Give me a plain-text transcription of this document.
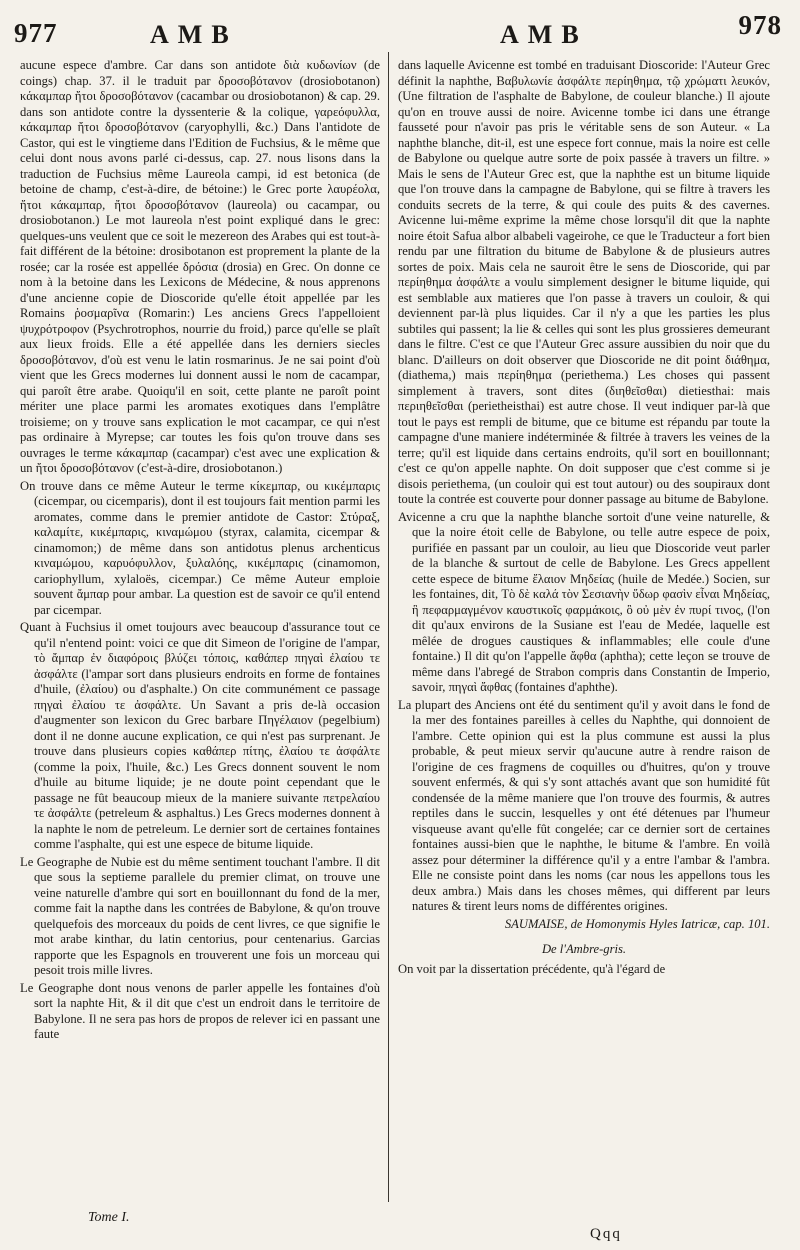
977	AMB	AMB	978

aucune espece d'ambre. Car dans son antidote διὰ κυδωνίων (de coings) chap. 37. il le traduit par δροσοβότανον (drosiobotanon) κάκαμπαρ ἤτοι δροσοβότανον (cacambar ou drosiobotanon) & cap. 29. dans son antidote contre la dyssenterie & la colique, γαρεόφυλλα, κάκαμπαρ ἤτοι δροσοβότανον (caryophylli, &c.) Dans l'antidote de Castor, qui est le vingtieme dans l'Edition de Fuchsius, & le même que celui dont nous avons parlé ci-dessus, cap. 27. nous lisons dans la traduction de Fuchsius même Laureola campi, id est betonica (de betoine de champ, c'est-à-dire, de bétoine:) le Grec porte λαυρέολα, ἤτοι κάκαμπαρ, ἤτοι δροσοβότανον (laureola) ou cacampar, ou drosiobotanon.) Le mot laureola n'est point expliqué dans le grec: quelques-uns veulent que ce soit le mezereon des Arabes qui est tout-à-fait différent de la bétoine: drosibotanon est proprement la plante de la rosée; car la rosée est appellée δρόσια (drosia) en Grec. On donne ce nom à la betoine dans les Lexicons de Médecine, & nous apprenons d'une ancienne copie de Dioscoride qu'elle étoit appellée par les Romains ῥοσμαρῖνα (Romarin:) Les anciens Grecs l'appelloient ψυχρότροφον (Psychrotrophos, nourrie du froid,) parce qu'elle se plaît aux lieux froids. Elle a été appellée dans les derniers siecles δροσοβότανον, d'où est venu le latin rosmarinus. Je ne sai point d'où vient que les Grecs modernes lui donnent aussi le nom de cacampar, qui paroît être arabe. Quoiqu'il en soit, cette plante ne paroît point mériter une place parmi les aromates exotiques dans l'emplâtre troisieme; on y trouve sans explication le mot cacampar, ce qui n'est pas ordinaire à Myrepse; car toutes les fois qu'on trouve dans ses ouvrages le terme κάκαμπαρ (cacampar) c'est avec une explication & un ἤτοι δροσοβότανον (c'est-à-dire, drosiobotanon.)

On trouve dans ce même Auteur le terme κίκεμπαρ, ou κικέμπαρις (cicempar, ou cicemparis), dont il est toujours fait mention parmi les aromates, comme dans le premier antidote de Castor: Στύραξ, καλαμίτε, κικέμπαρις, κιναμώμου (styrax, calamita, cicempar & cinamomon;) de même dans son antidotus plenus archenticus κιναμώμου, καρυόφυλλον, ξυλαλόης, κικέμπαρις (cinamomon, cariophyllum, xylaloës, cicempar.) Ce même Auteur emploie souvent ἄμπαρ pour ambar. La question est de savoir ce qu'il entend par cicempar.

Quant à Fuchsius il omet toujours avec beaucoup d'assurance tout ce qu'il n'entend point: voici ce que dit Simeon de l'origine de l'ampar, τὸ ἄμπαρ ἐν διαφόροις βλύζει τόποις, καθάπερ πηγαὶ ἐλαίου τε ἀσφάλτε (l'ampar sort dans plusieurs endroits en forme de fontaines d'huile, (ἐλαίου) ou d'asphalte.) On cite communément ce passage πηγαὶ ἐλαίου τε ἀσφάλτε. Un Savant a pris de-là occasion d'augmenter son lexicon du Grec barbare Πηγέλαιον (pegelbium) dont il ne donne aucune explication, ce qui n'est pas surprenant. Je trouve dans plusieurs copies καθάπερ πίτης, ἐλαίου τε ἀσφάλτε (comme la poix, l'huile, &c.) Les Grecs donnent souvent le nom d'huile au bitume liquide; je ne doute point cependant que le passage ne fût beaucoup mieux de la maniere suivante πετρελαίου τε ἀσφάλτε (petreleum & asphaltus.) Les Grecs modernes donnent à la naphte le nom de petreleum. Le dernier sort de certaines fontaines comme l'asphalte, qui est une espece de bitume liquide.

Le Geographe de Nubie est du même sentiment touchant l'ambre. Il dit que sous la septieme parallele du premier climat, on trouve une veine naturelle d'ambre qui sort en bouillonnant du fond de la mer, comme fait la napthe dans les contrées de Babylone, & qu'on trouve quelquefois des morceaux du poids de cent livres, ce que signifie le mot arabe kinthar, du latin centorius, pour centenarius. Garcias rapporte que les Espagnols en trouverent une fois un morceau qui pesoit trois mille livres.

Le Geographe dont nous venons de parler appelle les fontaines d'où sort la naphte Hit, & il dit que c'est un endroit dans le territoire de Babylone. Il ne sera pas hors de propos de relever ici en passant une faute

dans laquelle Avicenne est tombé en traduisant Dioscoride: l'Auteur Grec définit la naphthe, Βαβυλωνίε ἀσφάλτε περίηθημα, τῷ χρώματι λευκόν, (Une filtration de l'asphalte de Babylone, de couleur blanche.) Il ajoute qu'on en trouve aussi de noire. Avicenne tombe ici dans une étrange fausseté pour n'avoir pas pris le véritable sens de son Auteur. « La naphthe blanche, dit-il, est une espece fort connue, mais la noire est celle de Babylone ou quelque autre sorte de poix passée à travers un filtre. » Mais le sens de l'Auteur Grec est, que la naphthe est un bitume liquide que l'on trouve dans la campagne de Babylone, qui se filtre à travers les conduits secrets de la terre, & qui coule des puits & des cavernes. Avicenne lui-même exprime la même chose lorsqu'il dit que la naphte noire étoit Safua albor albabeli vageirohe, ce que le Traducteur a fort bien rendu par une filtration du bitume de Babylone & de plusieurs autres sortes de poix. Mais cela ne sauroit être le sens de Dioscoride, qui par περίηθημα ἀσφάλτε a voulu simplement designer le bitume liquide, qui est semblable aux matieres que l'on passe à travers un couloir, & qui deviennent par-là plus liquides. Car il n'y a que les parties les plus subtiles qui passent; la lie & celles qui sont les plus grossieres demeurant dans le filtre. C'est ce que l'Auteur Grec assure aussibien du noir que du blanc. D'ailleurs on doit observer que Dioscoride ne dit point διάθημα, (diathema,) mais περίηθημα (periethema.) Les choses qui passent simplement à travers, sont dites (διηθεῖσθαι) dietiesthai: mais περιηθεῖσθαι (perietheisthai) est autre chose. Il veut indiquer par-là que tout le pays est rempli de bitume, que ce bitume est répandu par toute la campagne d'une maniere indéterminée & filtrée à travers les veines de la terre; qu'il est liquide dans certains endroits, qu'il sort en bouillonnant; c'est ce qu'on appelle naphte. On doit supposer que c'est comme si je disois periethema, (un couloir qui est tout autour) ou des soupiraux dont toute la contrée est couverte pour donner passage au bitume de Babylone.

Avicenne a cru que la naphthe blanche sortoit d'une veine naturelle, & que la noire étoit celle de Babylone, ou telle autre espece de poix, purifiée en passant par un couloir, au lieu que Dioscoride veut parler de la blanche & surtout de celle de Babylone. Les Grecs appellent cette espece de bitume ἔλαιον Μηδείας (huile de Medée.) Socien, sur les fontaines, dit, Τὸ δὲ καλά τὸν Σεσιανὴν ὕδωρ φασὶν εἶναι Μηδείας, ἣ πεφαρμαγμένον καυστικοῖς φαρμάκοις, ὃ οὐ μὲν ἐν πυρί τινος, (l'on dit qu'aux environs de la Susiane est l'eau de Medée, laquelle est mêlée de drogues caustiques & inflammables; elle coule d'une fontaine.) Il dit qu'on l'appelle ἄφθα (aphtha); cette leçon se trouve de même dans l'abregé de Strabon compris dans Constantin de Imperio, savoir, πηγαὶ ἄφθας (fontaines d'aphthe).

La plupart des Anciens ont été du sentiment qu'il y avoit dans le fond de la mer des fontaines pareilles à celles du Naphthe, qui donnoient de l'ambre. Cette opinion qui est la plus commune est aussi la plus probable, & peut mieux servir qu'aucune autre à rendre raison de l'origine de ces fragmens de coquilles ou d'huitres, qu'on y trouve souvent enfermés, & qui s'y sont attachés avant que son humidité fût condensée de la même maniere que l'on trouve des fourmis, & autres reptiles dans le succin, lesquelles y ont été détenues par l'humeur visqueuse avant qu'elle fût congelée; car ce dernier sort de certaines fontaines aussi-bien que le naphthe, le bitume & l'ambre. En voilà assez pour déterminer la différence qu'il y a entre l'ambar & l'ambra. Elle ne consiste point dans les noms (car nous les appellons tous les deux ambra.) Mais dans les choses mêmes, qui different par leurs natures & tirent leurs noms de différentes origines.

SAUMAISE, de Homonymis Hyles Iatricæ, cap. 101.

De l'Ambre-gris.

On voit par la dissertation précédente, qu'à l'égard de

Tome I.
Qqq
